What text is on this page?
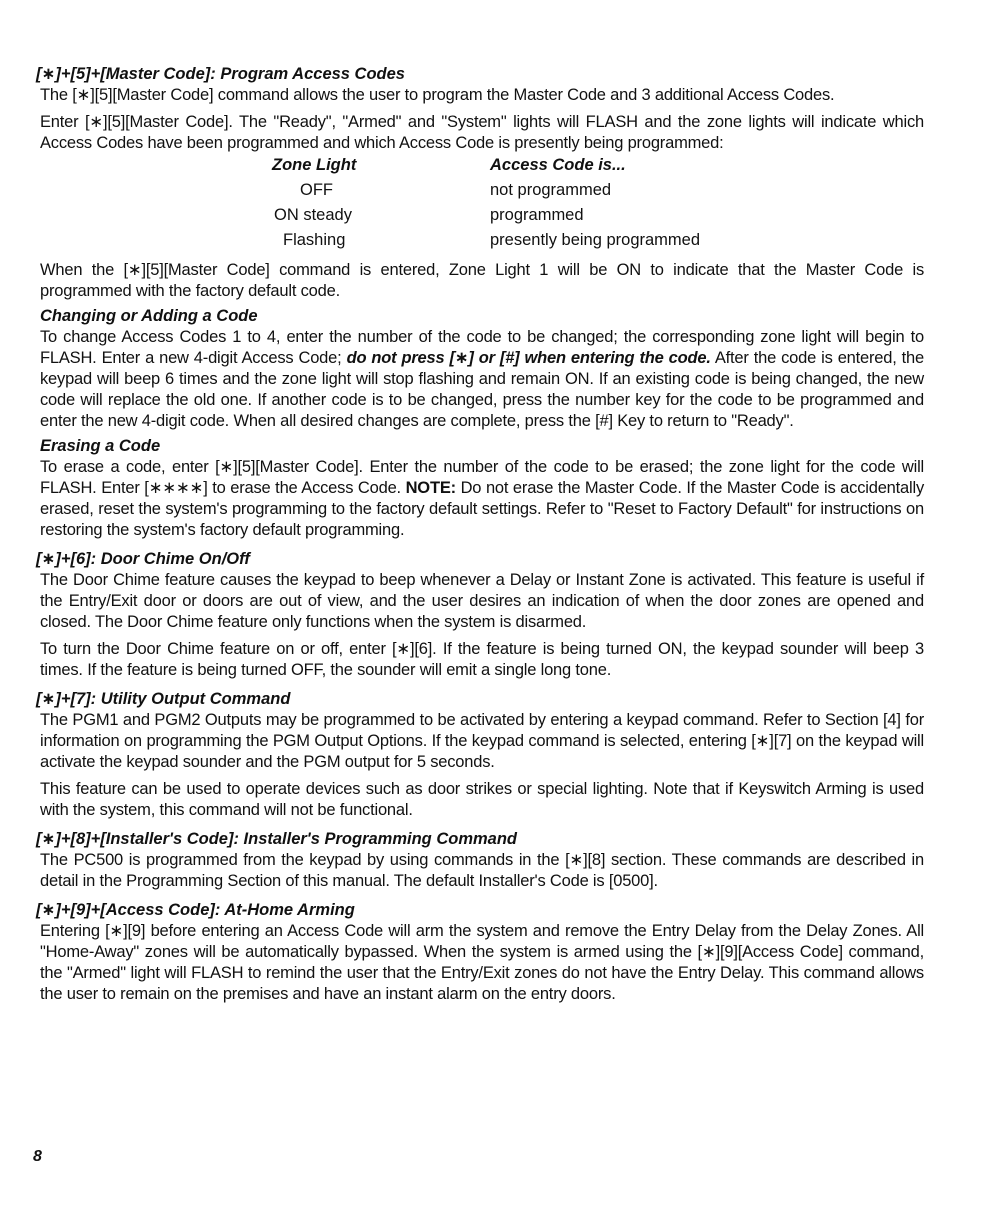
[∗]+[5]+[Master Code]: Program Access Codes

The [∗][5][Master Code] command allows the user to program the Master Code and 3 additional Access Codes.

Enter [∗][5][Master Code]. The "Ready", "Armed" and "System" lights will FLASH and the zone lights will indicate which Access Codes have been programmed and which Access Code is presently being programmed:

Zone Light	Access Code is...
OFF	not programmed
ON steady	programmed
Flashing	presently being programmed

When the [∗][5][Master Code] command is entered, Zone Light 1 will be ON to indicate that the Master Code is programmed with the factory default code.

Changing or Adding a Code

To change Access Codes 1 to 4, enter the number of the code to be changed; the corresponding zone light will begin to FLASH. Enter a new 4-digit Access Code; do not press [∗] or [#] when entering the code. After the code is entered, the keypad will beep 6 times and the zone light will stop flashing and remain ON. If an existing code is being changed, the new code will replace the old one. If another code is to be changed, press the number key for the code to be programmed and enter the new 4-digit code. When all desired changes are complete, press the [#] Key to return to "Ready".

Erasing a Code

To erase a code, enter [∗][5][Master Code]. Enter the number of the code to be erased; the zone light for the code will FLASH. Enter [∗∗∗∗] to erase the Access Code. NOTE: Do not erase the Master Code. If the Master Code is accidentally erased, reset the system's programming to the factory default settings. Refer to "Reset to Factory Default" for instructions on restoring the system's factory default programming.

[∗]+[6]: Door Chime On/Off

The Door Chime feature causes the keypad to beep whenever a Delay or Instant Zone is activated. This feature is useful if the Entry/Exit door or doors are out of view, and the user desires an indication of when the door zones are opened and closed. The Door Chime feature only functions when the system is disarmed.

To turn the Door Chime feature on or off, enter [∗][6]. If the feature is being turned ON, the keypad sounder will beep 3 times. If the feature is being turned OFF, the sounder will emit a single long tone.

[∗]+[7]: Utility Output Command

The PGM1 and PGM2 Outputs may be programmed to be activated by entering a keypad command. Refer to Section [4] for information on programming the PGM Output Options. If the keypad command is selected, entering [∗][7] on the keypad will activate the keypad sounder and the PGM output for 5 seconds.

This feature can be used to operate devices such as door strikes or special lighting. Note that if Keyswitch Arming is used with the system, this command will not be functional.

[∗]+[8]+[Installer's Code]: Installer's Programming Command

The PC500 is programmed from the keypad by using commands in the [∗][8] section. These commands are described in detail in the Programming Section of this manual. The default Installer's Code is [0500].

[∗]+[9]+[Access Code]: At-Home Arming

Entering [∗][9] before entering an Access Code will arm the system and remove the Entry Delay from the Delay Zones. All "Home-Away" zones will be automatically bypassed. When the system is armed using the [∗][9][Access Code] command, the "Armed" light will FLASH to remind the user that the Entry/Exit zones do not have the Entry Delay. This command allows the user to remain on the premises and have an instant alarm on the entry doors.

8
